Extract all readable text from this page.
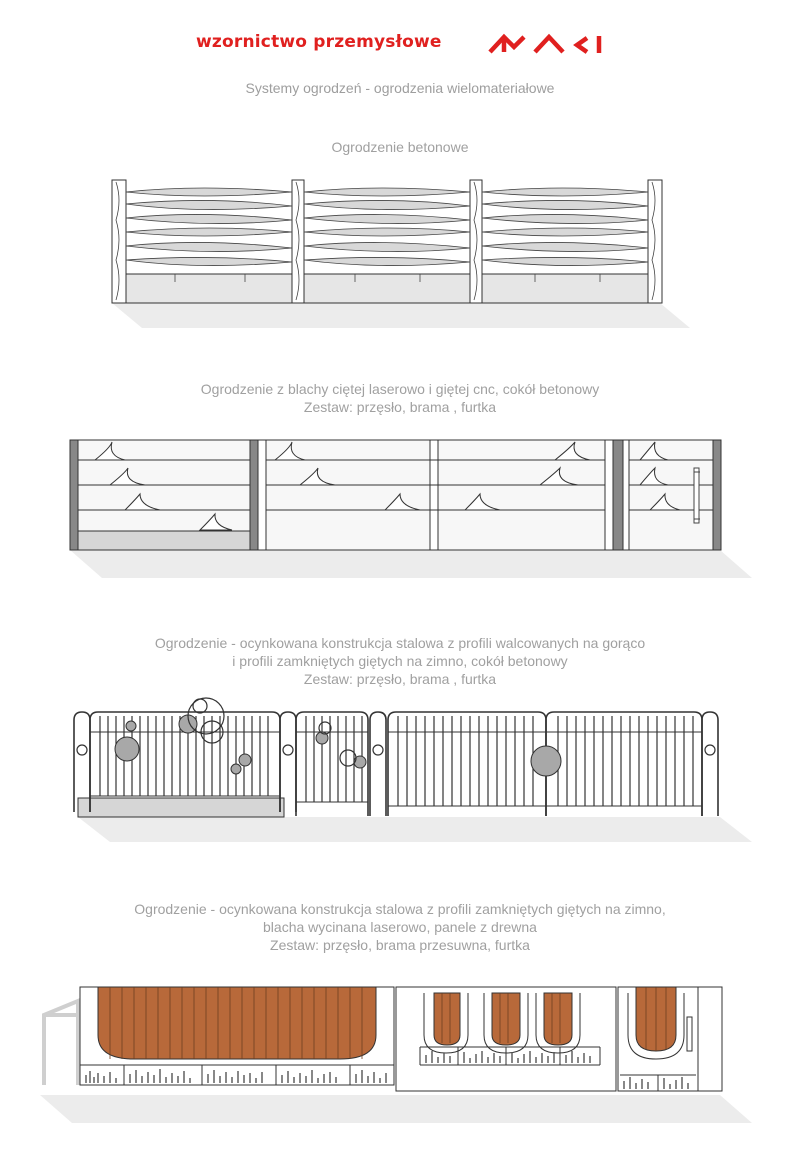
wzornictwo przemysłowe
Systemy ogrodzeń - ogrodzenia wielomateriałowe
Ogrodzenie betonowe
Ogrodzenie z blachy ciętej laserowo i giętej cnc, cokół betonowy
Zestaw: przęsło, brama , furtka
Ogrodzenie - ocynkowana konstrukcja stalowa z profili walcowanych na gorąco
i profili zamkniętych giętych na zimno, cokół betonowy
Zestaw: przęsło, brama , furtka
Ogrodzenie - ocynkowana konstrukcja stalowa z profili zamkniętych giętych na zimno,
blacha wycinana laserowo, panele z drewna
Zestaw: przęsło, brama przesuwna, furtka
